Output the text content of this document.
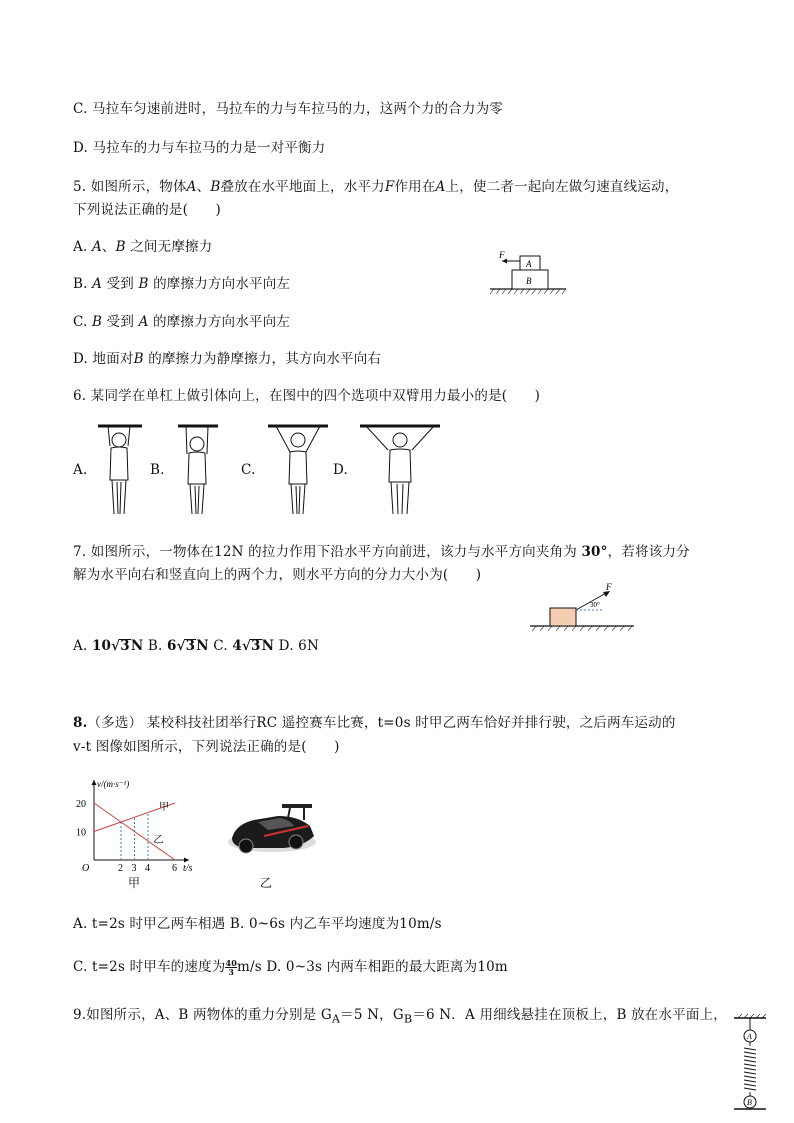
C. 马拉车匀速前进时，马拉车的力与车拉马的力，这两个力的合力为零
D. 马拉车的力与车拉马的力是一对平衡力
5. 如图所示，物体A、B叠放在水平地面上，水平力F作用在A上，使二者一起向左做匀速直线运动，
下列说法正确的是(　　)
A. A、B 之间无摩擦力
B. A 受到 B 的摩擦力方向水平向左
C. B 受到 A 的摩擦力方向水平向左
D. 地面对B 的摩擦力为静摩擦力，其方向水平向右
F
A
B
6. 某同学在单杠上做引体向上，在图中的四个选项中双臂用力最小的是(　　)
A.	B.	C.	D.
7. 如图所示，一物体在12N 的拉力作用下沿水平方向前进，该力与水平方向夹角为 30°，若将该力分
解为水平向右和竖直向上的两个力，则水平方向的分力大小为(　　)
A. 10√3N B. 6√3N C. 4√3N D. 6N
F
30°
8.（多选） 某校科技社团举行RC 遥控赛车比赛，t=0s 时甲乙两车恰好并排行驶，之后两车运动的
v-t 图像如图所示，下列说法正确的是(　　)
甲
乙
2 3 4 6
10
20
O	t/s
v/(m·s⁻¹)
乙
甲
A. t=2s 时甲乙两车相遇 B. 0~6s 内乙车平均速度为10m/s
C. t=2s 时甲车的速度为 $\frac{40}{3} m/s$ D. 0~3s 内两车相距的最大距离为10m
9.如图所示，A、B 两物体的重力分别是 $G_A=5$ N，$G_B=6$ N．A 用细线悬挂在顶板上，B 放在水平面上，
A
B
